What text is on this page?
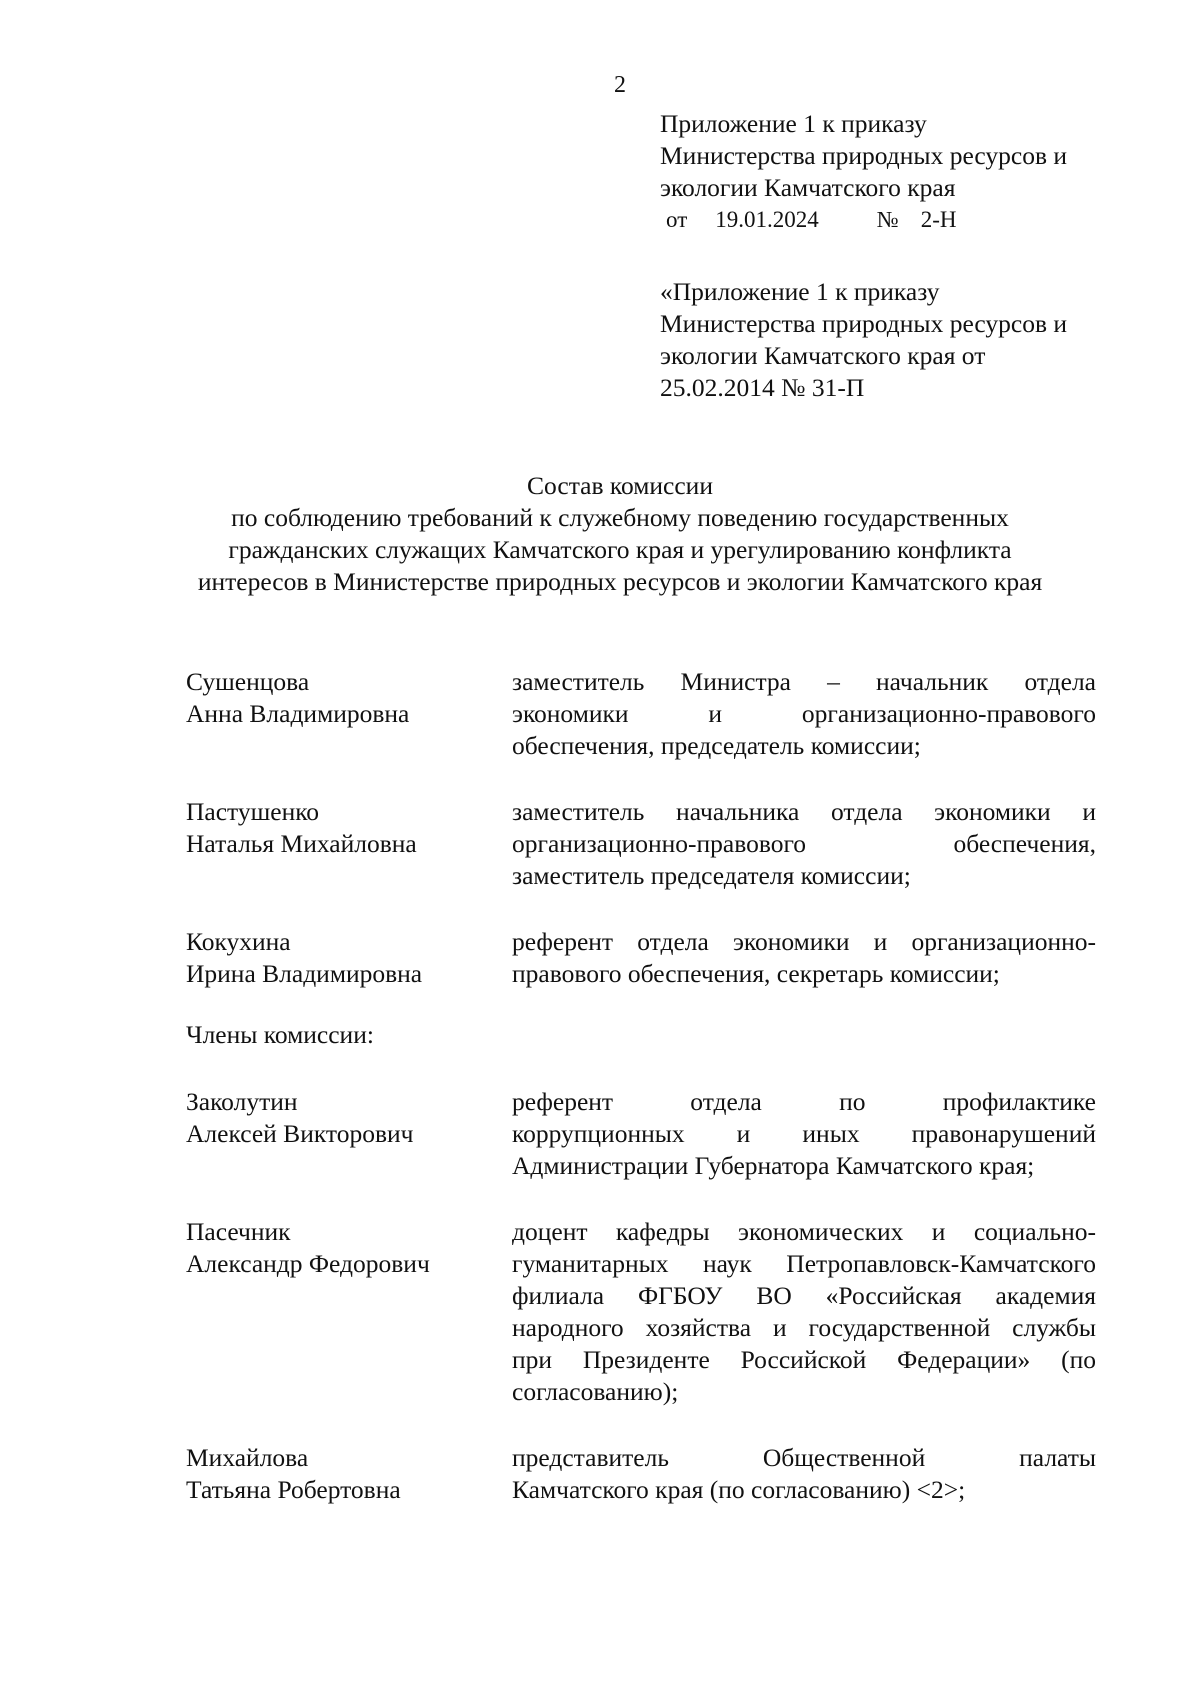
2
Приложение 1 к приказу
Министерства природных ресурсов и
экологии Камчатского края
от 19.01.2024	№ 2-Н
«Приложение 1 к приказу
Министерства природных ресурсов и
экологии Камчатского края от
25.02.2014 № 31-П
Состав комиссии
по соблюдению требований к служебному поведению государственных
гражданских служащих Камчатского края и урегулированию конфликта
интересов в Министерстве природных ресурсов и экологии Камчатского края
Сушенцова
Анна Владимировна
заместитель Министра – начальник отдела
экономики и организационно-правового
обеспечения, председатель комиссии;
Пастушенко
Наталья Михайловна
заместитель начальника отдела экономики и
организационно-правового обеспечения,
заместитель председателя комиссии;
Кокухина
Ирина Владимировна
референт отдела экономики и организационно-
правового обеспечения, секретарь комиссии;
Члены комиссии:
Заколутин
Алексей Викторович
референт отдела по профилактике
коррупционных и иных правонарушений
Администрации Губернатора Камчатского края;
Пасечник
Александр Федорович
доцент кафедры экономических и социально-
гуманитарных наук Петропавловск-Камчатского
филиала ФГБОУ ВО «Российская академия
народного хозяйства и государственной службы
при Президенте Российской Федерации» (по
согласованию);
Михайлова
Татьяна Робертовна
представитель Общественной палаты
Камчатского края (по согласованию) <2>;
